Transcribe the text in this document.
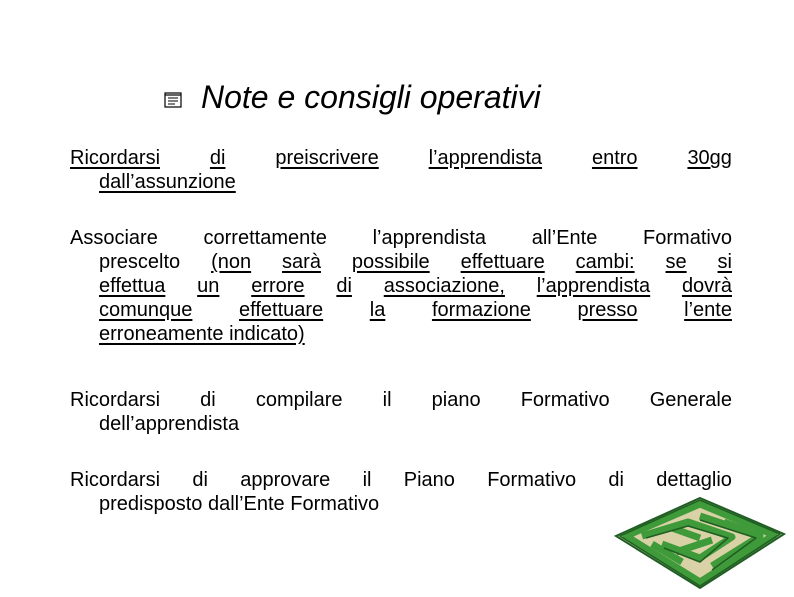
Note e consigli operativi
Ricordarsi di preiscrivere l’apprendista entro 30gg
dall’assunzione
Associare correttamente l’apprendista all’Ente Formativo
prescelto (non sarà possibile effettuare cambi: se si
effettua un errore di associazione, l’apprendista dovrà
comunque effettuare la formazione presso l’ente
erroneamente indicato)
Ricordarsi di compilare il piano Formativo Generale
dell’apprendista
Ricordarsi di approvare il Piano Formativo di dettaglio
predisposto dall’Ente Formativo
